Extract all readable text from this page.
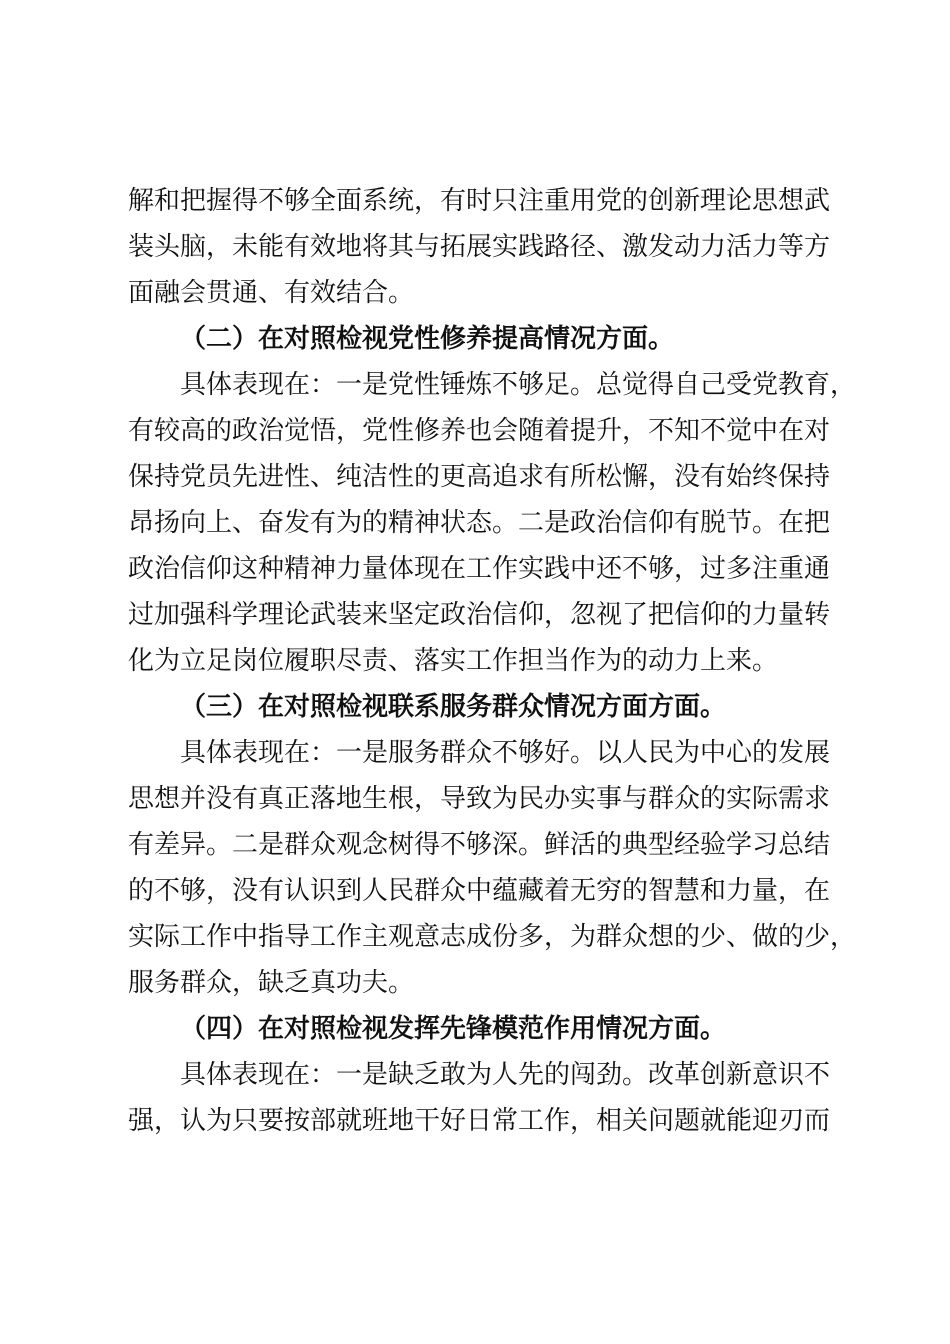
解和把握得不够全面系统，有时只注重用党的创新理论思想武
装头脑，未能有效地将其与拓展实践路径、激发动力活力等方
面融会贯通、有效结合。
（二）在对照检视党性修养提高情况方面。
具体表现在：一是党性锤炼不够足。总觉得自己受党教育，
有较高的政治觉悟，党性修养也会随着提升，不知不觉中在对
保持党员先进性、纯洁性的更高追求有所松懈，没有始终保持
昂扬向上、奋发有为的精神状态。二是政治信仰有脱节。在把
政治信仰这种精神力量体现在工作实践中还不够，过多注重通
过加强科学理论武装来坚定政治信仰，忽视了把信仰的力量转
化为立足岗位履职尽责、落实工作担当作为的动力上来。
（三）在对照检视联系服务群众情况方面方面。
具体表现在：一是服务群众不够好。以人民为中心的发展
思想并没有真正落地生根，导致为民办实事与群众的实际需求
有差异。二是群众观念树得不够深。鲜活的典型经验学习总结
的不够，没有认识到人民群众中蕴藏着无穷的智慧和力量，在
实际工作中指导工作主观意志成份多，为群众想的少、做的少，
服务群众，缺乏真功夫。
（四）在对照检视发挥先锋模范作用情况方面。
具体表现在：一是缺乏敢为人先的闯劲。改革创新意识不
强，认为只要按部就班地干好日常工作，相关问题就能迎刃而
